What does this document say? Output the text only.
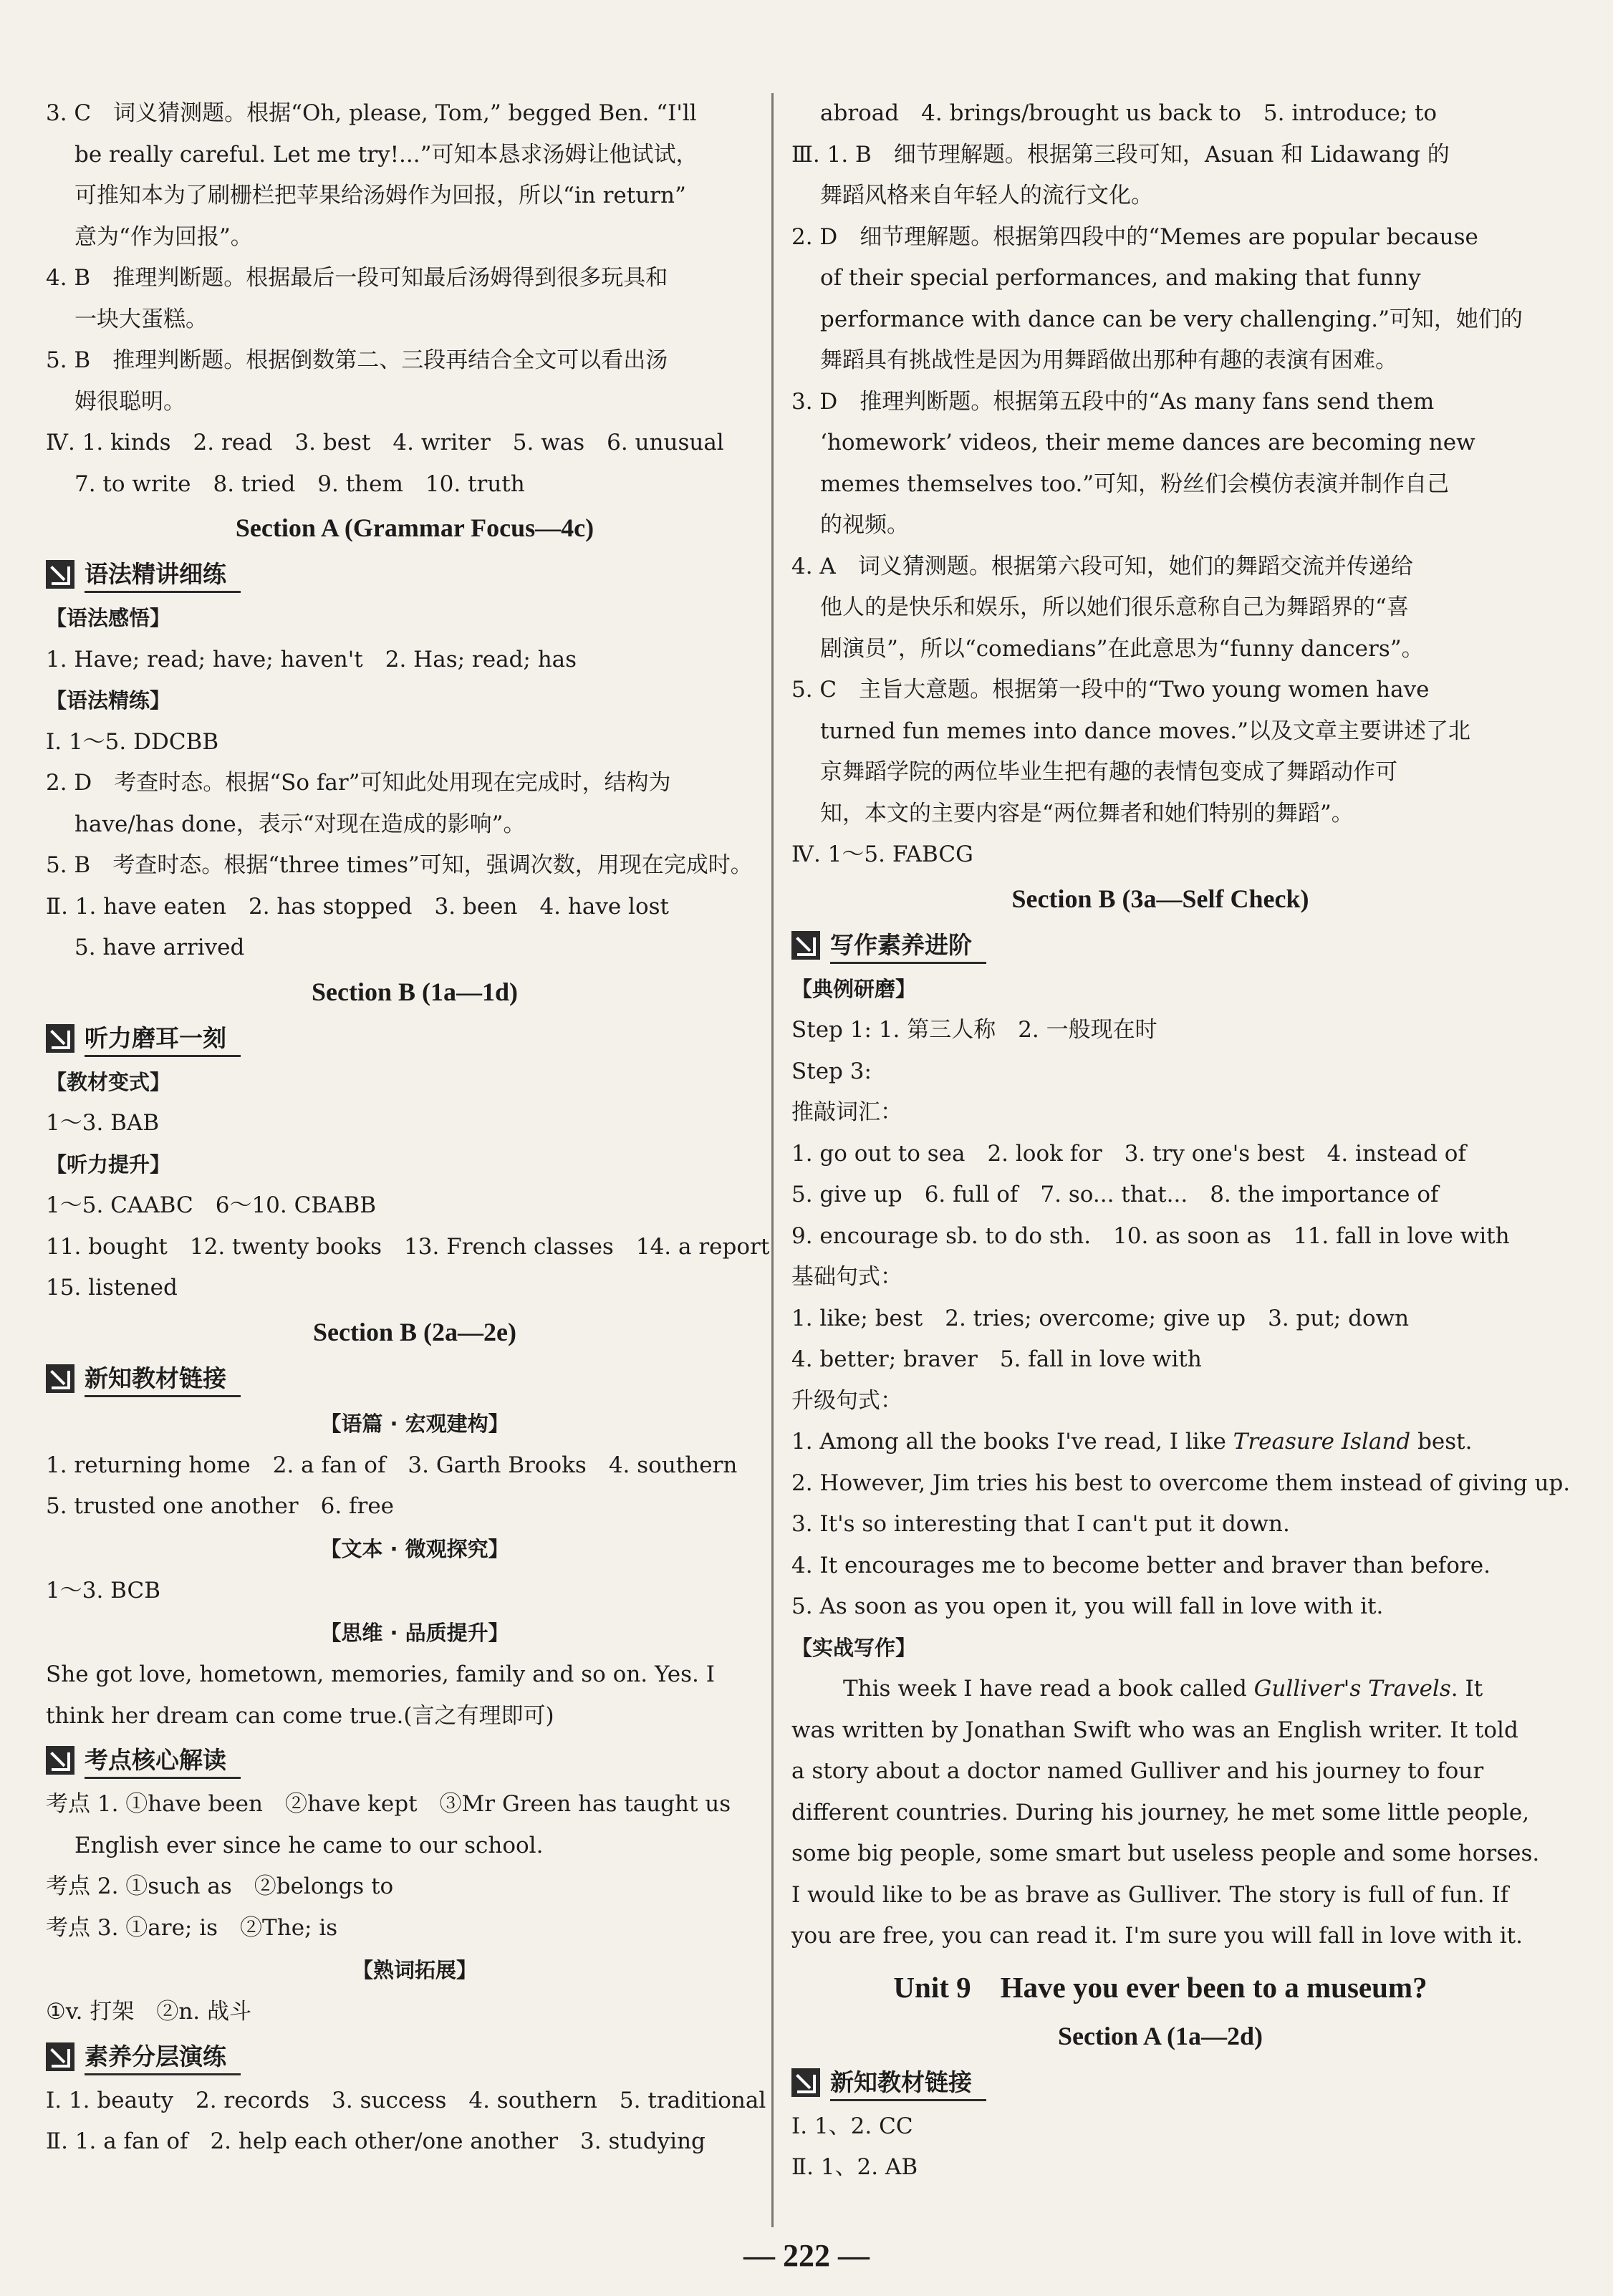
3. C　词义猜测题。根据“Oh, please, Tom,” begged Ben. “I'll

be really careful. Let me try!...”可知本恳求汤姆让他试试，

可推知本为了刷栅栏把苹果给汤姆作为回报，所以“in return”

意为“作为回报”。

4. B　推理判断题。根据最后一段可知最后汤姆得到很多玩具和

一块大蛋糕。

5. B　推理判断题。根据倒数第二、三段再结合全文可以看出汤

姆很聪明。

Ⅳ. 1. kinds　2. read　3. best　4. writer　5. was　6. unusual

7. to write　8. tried　9. them　10. truth

Section A (Grammar Focus—4c)

语法精讲细练

【语法感悟】

1. Have; read; have; haven't　2. Has; read; has

【语法精练】

Ⅰ. 1～5. DDCBB

2. D　考查时态。根据“So far”可知此处用现在完成时，结构为

have/has done，表示“对现在造成的影响”。

5. B　考查时态。根据“three times”可知，强调次数，用现在完成时。

Ⅱ. 1. have eaten　2. has stopped　3. been　4. have lost

5. have arrived

Section B (1a—1d)

听力磨耳一刻

【教材变式】

1～3. BAB

【听力提升】

1～5. CAABC　6～10. CBABB

11. bought　12. twenty books　13. French classes　14. a report

15. listened

Section B (2a—2e)

新知教材链接

【语篇 · 宏观建构】

1. returning home　2. a fan of　3. Garth Brooks　4. southern

5. trusted one another　6. free

【文本 · 微观探究】

1～3. BCB

【思维 · 品质提升】

She got love, hometown, memories, family and so on. Yes. I

think her dream can come true.(言之有理即可)

考点核心解读

考点 1. ①have been　②have kept　③Mr Green has taught us

English ever since he came to our school.

考点 2. ①such as　②belongs to

考点 3. ①are; is　②The; is

【熟词拓展】

①v. 打架　②n. 战斗

素养分层演练

Ⅰ. 1. beauty　2. records　3. success　4. southern　5. traditional

Ⅱ. 1. a fan of　2. help each other/one another　3. studying

abroad　4. brings/brought us back to　5. introduce; to

Ⅲ. 1. B　细节理解题。根据第三段可知，Asuan 和 Lidawang 的

舞蹈风格来自年轻人的流行文化。

2. D　细节理解题。根据第四段中的“Memes are popular because

of their special performances, and making that funny

performance with dance can be very challenging.”可知，她们的

舞蹈具有挑战性是因为用舞蹈做出那种有趣的表演有困难。

3. D　推理判断题。根据第五段中的“As many fans send them

‘homework’ videos, their meme dances are becoming new

memes themselves too.”可知，粉丝们会模仿表演并制作自己

的视频。

4. A　词义猜测题。根据第六段可知，她们的舞蹈交流并传递给

他人的是快乐和娱乐，所以她们很乐意称自己为舞蹈界的“喜

剧演员”，所以“comedians”在此意思为“funny dancers”。

5. C　主旨大意题。根据第一段中的“Two young women have

turned fun memes into dance moves.”以及文章主要讲述了北

京舞蹈学院的两位毕业生把有趣的表情包变成了舞蹈动作可

知，本文的主要内容是“两位舞者和她们特别的舞蹈”。

Ⅳ. 1～5. FABCG

Section B (3a—Self Check)

写作素养进阶

【典例研磨】

Step 1: 1. 第三人称　2. 一般现在时

Step 3:

推敲词汇：

1. go out to sea　2. look for　3. try one's best　4. instead of

5. give up　6. full of　7. so... that...　8. the importance of

9. encourage sb. to do sth.　10. as soon as　11. fall in love with

基础句式：

1. like; best　2. tries; overcome; give up　3. put; down

4. better; braver　5. fall in love with

升级句式：

1. Among all the books I've read, I like Treasure Island best.

2. However, Jim tries his best to overcome them instead of giving up.

3. It's so interesting that I can't put it down.

4. It encourages me to become better and braver than before.

5. As soon as you open it, you will fall in love with it.

【实战写作】

This week I have read a book called Gulliver's Travels. It

was written by Jonathan Swift who was an English writer. It told

a story about a doctor named Gulliver and his journey to four

different countries. During his journey, he met some little people,

some big people, some smart but useless people and some horses.

I would like to be as brave as Gulliver. The story is full of fun. If

you are free, you can read it. I'm sure you will fall in love with it.

Unit 9　Have you ever been to a museum?

Section A (1a—2d)

新知教材链接

Ⅰ. 1、2. CC

Ⅱ. 1、2. AB

— 222 —
